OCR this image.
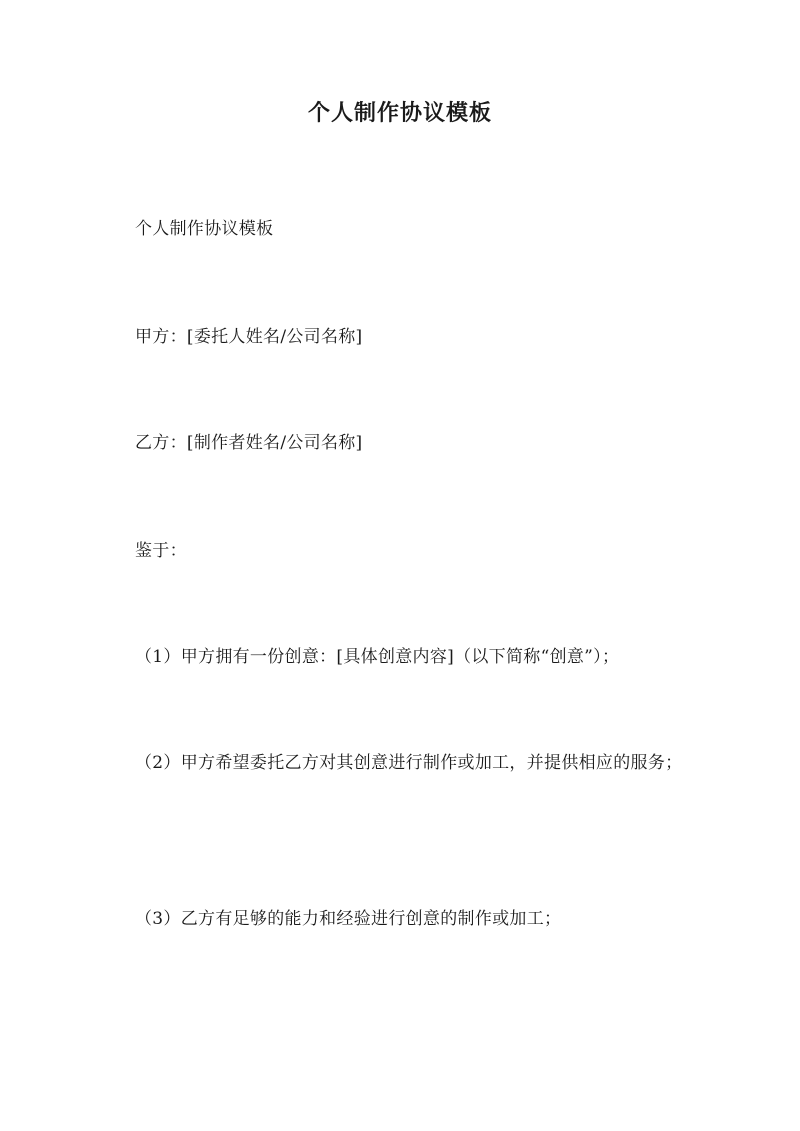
个人制作协议模板
个人制作协议模板
甲方：[委托人姓名/公司名称]
乙方：[制作者姓名/公司名称]
鉴于：
（1）甲方拥有一份创意：[具体创意内容]（以下简称“创意”）；
（2）甲方希望委托乙方对其创意进行制作或加工，并提供相应的服务；
（3）乙方有足够的能力和经验进行创意的制作或加工；
